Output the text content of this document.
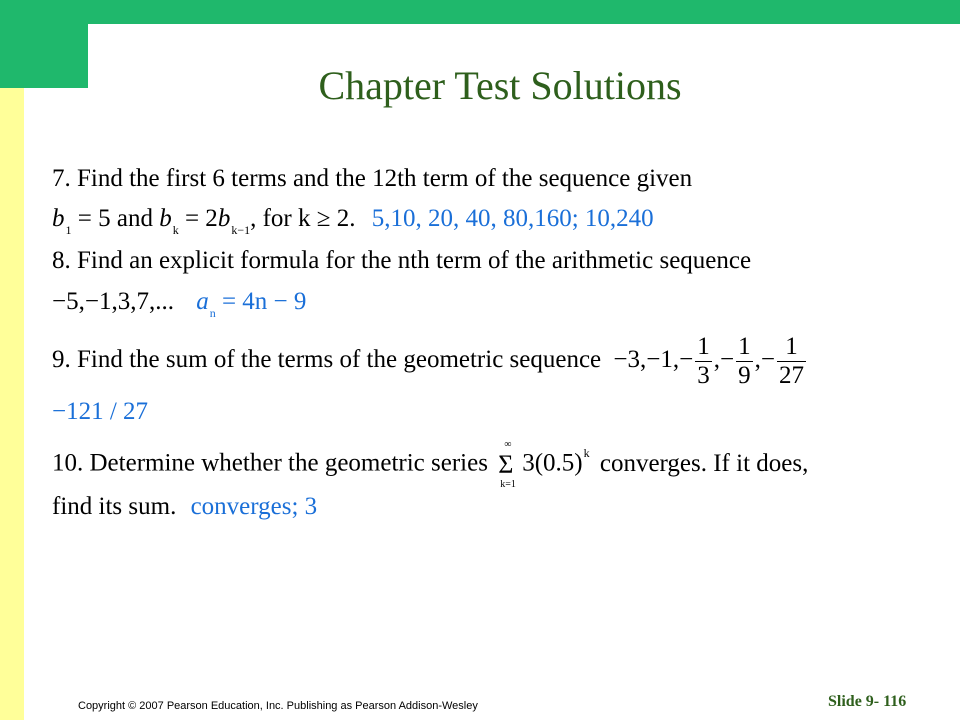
Chapter Test Solutions
7. Find the first 6 terms and the 12th term of the sequence given
$b_1 = 5$ and $b_k = 2b_{k-1}$, for k ≥ 2. 5,10, 20, 40, 80,160; 10,240
8. Find an explicit formula for the nth term of the arithmetic sequence
−5,−1,3,7,... $a_n = 4n - 9$
9. Find the sum of the terms of the geometric sequence $-3,-1,- \frac{1}{3}$ ,− $\frac{1}{9}$ ,− $\frac{1}{27}$
−121 / 27
10. Determine whether the geometric series
∞
Σ
k=1
$3(0.5)^k$ converges. If it does,
find its sum. converges; 3
Copyright © 2007 Pearson Education, Inc. Publishing as Pearson Addison-Wesley	Slide 9- 116
